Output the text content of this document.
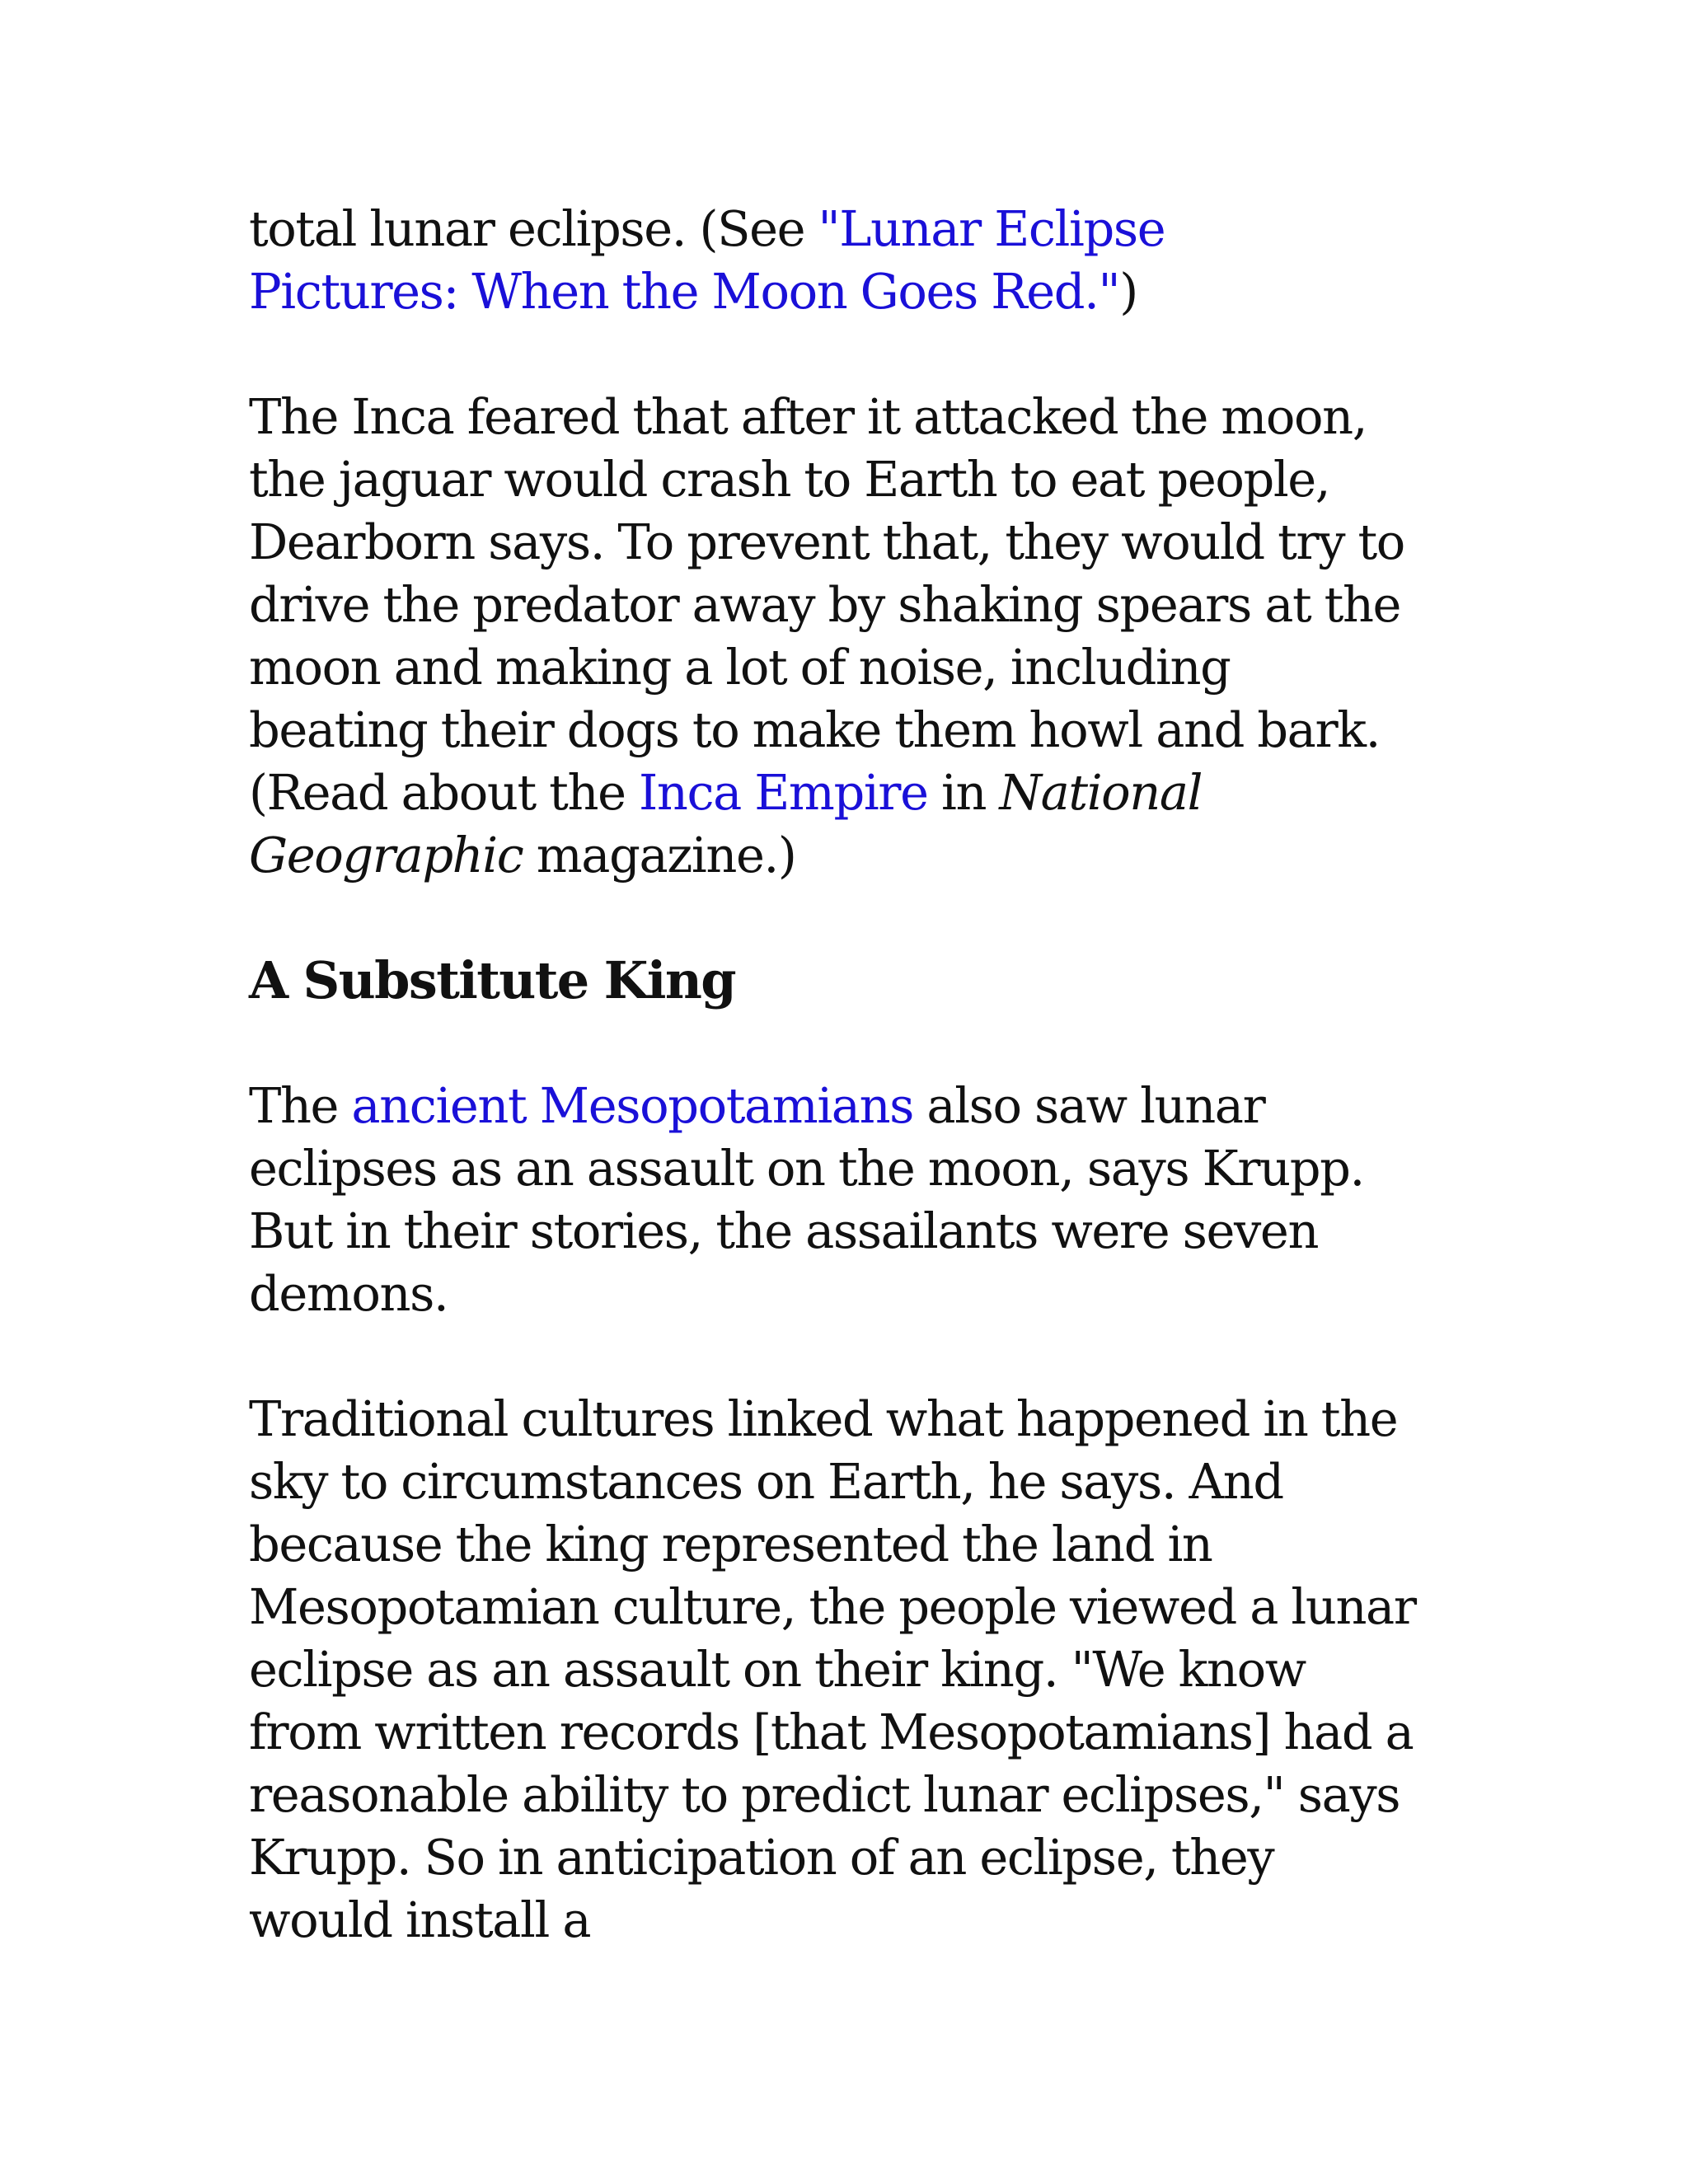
total lunar eclipse. (See "Lunar Eclipse
Pictures: When the Moon Goes Red.")

The Inca feared that after it attacked the moon, the jaguar would crash to Earth to eat people, Dearborn says. To prevent that, they would try to drive the predator away by shaking spears at the moon and making a lot of noise, including beating their dogs to make them howl and bark. (Read about the Inca Empire in National Geographic magazine.)

A Substitute King

The ancient Mesopotamians also saw lunar eclipses as an assault on the moon, says Krupp. But in their stories, the assailants were seven demons.

Traditional cultures linked what happened in the sky to circumstances on Earth, he says. And because the king represented the land in Mesopotamian culture, the people viewed a lunar eclipse as an assault on their king. "We know from written records [that Mesopotamians] had a reasonable ability to predict lunar eclipses," says Krupp. So in anticipation of an eclipse, they would install a
